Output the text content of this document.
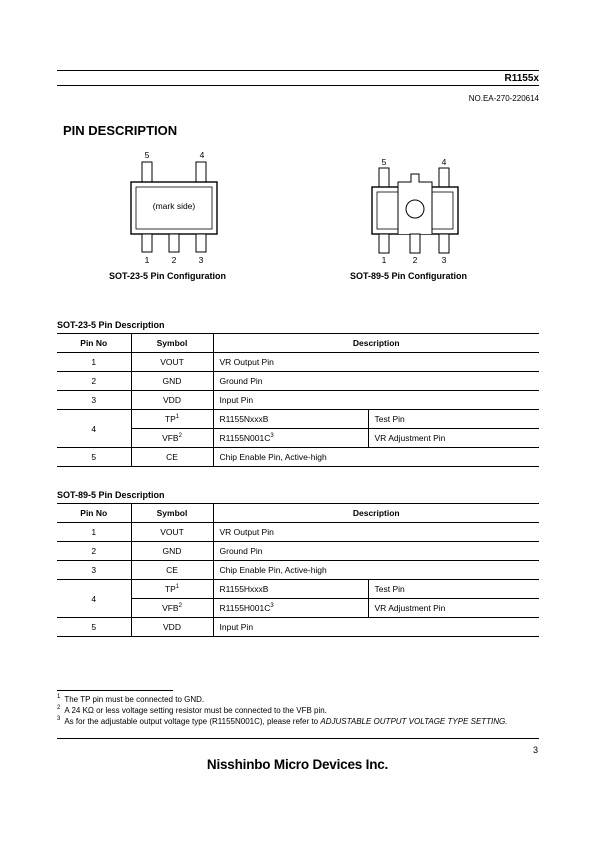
R1155x
NO.EA-270-220614
PIN DESCRIPTION
5	4
(mark side)
1	2	3
SOT-23-5 Pin Configuration
5	4
1	2	3
SOT-89-5 Pin Configuration
SOT-23-5 Pin Description
Pin No	Symbol	Description	
1	VOUT	VR Output Pin	
2	GND	Ground Pin	
3	VDD	Input Pin	
4	$TP^1$	R1155NxxxB	Test Pin
	VFB$^2$	$R1155N001C^3$	VR Adjustment Pin
5	CE	Chip Enable Pin, Active-high	
SOT-89-5 Pin Description
Pin No	Symbol	Description	
1	VOUT	VR Output Pin	
2	GND	Ground Pin	
3	CE	Chip Enable Pin, Active-high	
4	$TP^1$	R1155HxxxB	Test Pin
	VFB$^2$	$R1155H001C^3$	VR Adjustment Pin
5	VDD	Input Pin	
$^1$ The TP pin must be connected to GND.
$^2$ A 24 KΩ or less voltage setting resistor must be connected to the VFB pin.
$^3$ As for the adjustable output voltage type (R1155N001C), please refer to ADJUSTABLE OUTPUT VOLTAGE TYPE SETTING.
3
Nisshinbo Micro Devices Inc.
